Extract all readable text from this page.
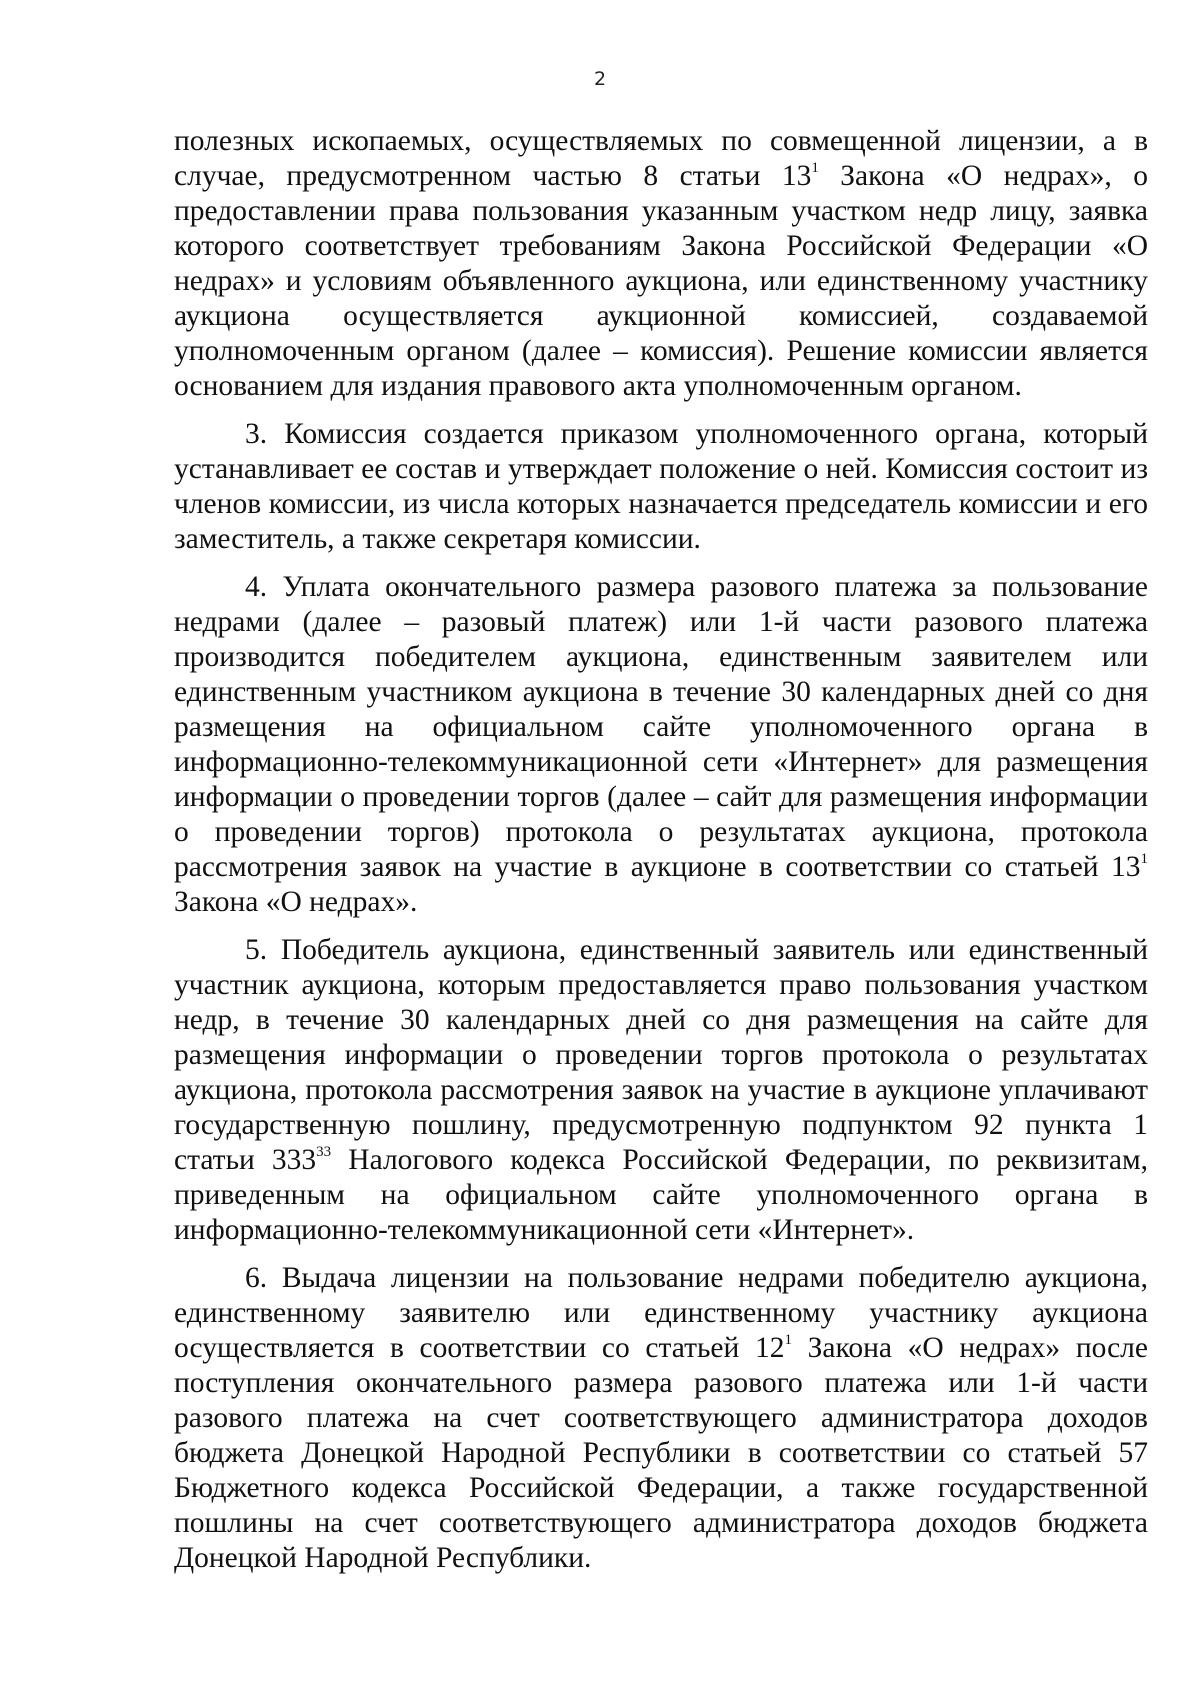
2

полезных ископаемых, осуществляемых по совмещенной лицензии, а в случае, предусмотренном частью 8 статьи $13^1$ Закона «О недрах», о предоставлении права пользования указанным участком недр лицу, заявка которого соответствует требованиям Закона Российской Федерации «О недрах» и условиям объявленного аукциона, или единственному участнику аукциона осуществляется аукционной комиссией, создаваемой уполномоченным органом (далее – комиссия). Решение комиссии является основанием для издания правового акта уполномоченным органом.

3. Комиссия создается приказом уполномоченного органа, который устанавливает ее состав и утверждает положение о ней. Комиссия состоит из членов комиссии, из числа которых назначается председатель комиссии и его заместитель, а также секретаря комиссии.

4. Уплата окончательного размера разового платежа за пользование недрами (далее – разовый платеж) или 1-й части разового платежа производится победителем аукциона, единственным заявителем или единственным участником аукциона в течение 30 календарных дней со дня размещения на официальном сайте уполномоченного органа в информационно-телекоммуникационной сети «Интернет» для размещения информации о проведении торгов (далее – сайт для размещения информации о проведении торгов) протокола о результатах аукциона, протокола рассмотрения заявок на участие в аукционе в соответствии со статьей $13^1$ Закона «О недрах».

5. Победитель аукциона, единственный заявитель или единственный участник аукциона, которым предоставляется право пользования участком недр, в течение 30 календарных дней со дня размещения на сайте для размещения информации о проведении торгов протокола о результатах аукциона, протокола рассмотрения заявок на участие в аукционе уплачивают государственную пошлину, предусмотренную подпунктом 92 пункта 1 статьи $333^{33}$ Налогового кодекса Российской Федерации, по реквизитам, приведенным на официальном сайте уполномоченного органа в информационно-телекоммуникационной сети «Интернет».

6. Выдача лицензии на пользование недрами победителю аукциона, единственному заявителю или единственному участнику аукциона осуществляется в соответствии со статьей $12^1$ Закона «О недрах» после поступления окончательного размера разового платежа или 1-й части разового платежа на счет соответствующего администратора доходов бюджета Донецкой Народной Республики в соответствии со статьей 57 Бюджетного кодекса Российской Федерации, а также государственной пошлины на счет соответствующего администратора доходов бюджета Донецкой Народной Республики.
